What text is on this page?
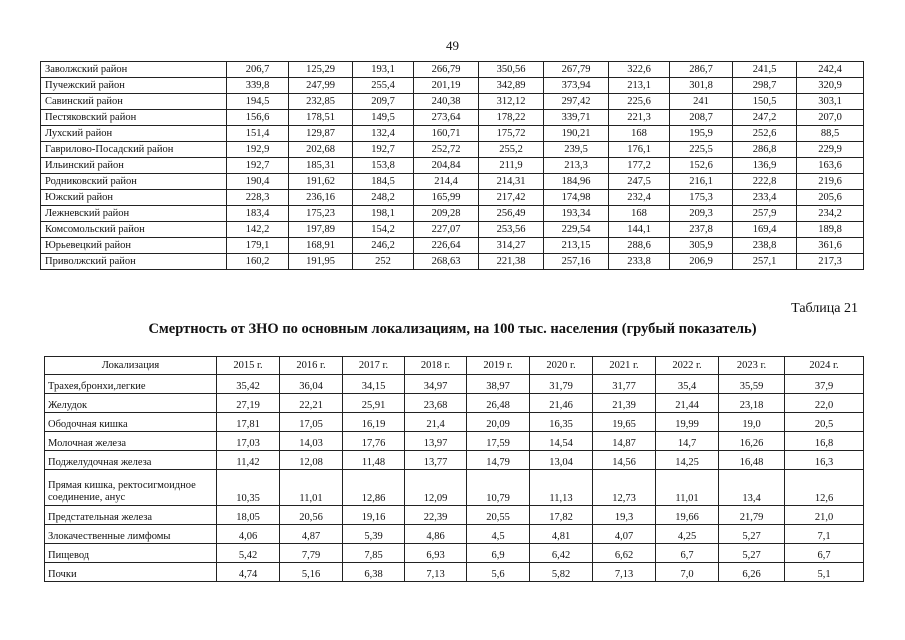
49
Заволжский район	206,7	125,29	193,1	266,79	350,56	267,79	322,6	286,7	241,5	242,4
Пучежский район	339,8	247,99	255,4	201,19	342,89	373,94	213,1	301,8	298,7	320,9
Савинский район	194,5	232,85	209,7	240,38	312,12	297,42	225,6	241	150,5	303,1
Пестяковский район	156,6	178,51	149,5	273,64	178,22	339,71	221,3	208,7	247,2	207,0
Лухский район	151,4	129,87	132,4	160,71	175,72	190,21	168	195,9	252,6	88,5
Гаврилово-Посадский район	192,9	202,68	192,7	252,72	255,2	239,5	176,1	225,5	286,8	229,9
Ильинский район	192,7	185,31	153,8	204,84	211,9	213,3	177,2	152,6	136,9	163,6
Родниковский район	190,4	191,62	184,5	214,4	214,31	184,96	247,5	216,1	222,8	219,6
Южский район	228,3	236,16	248,2	165,99	217,42	174,98	232,4	175,3	233,4	205,6
Лежневский район	183,4	175,23	198,1	209,28	256,49	193,34	168	209,3	257,9	234,2
Комсомольский район	142,2	197,89	154,2	227,07	253,56	229,54	144,1	237,8	169,4	189,8
Юрьевецкий район	179,1	168,91	246,2	226,64	314,27	213,15	288,6	305,9	238,8	361,6
Приволжский район	160,2	191,95	252	268,63	221,38	257,16	233,8	206,9	257,1	217,3
Таблица 21
Смертность от ЗНО по основным локализациям, на 100 тыс. населения (грубый показатель)
Локализация	2015 г.	2016 г.	2017 г.	2018 г.	2019 г.	2020 г.	2021 г.	2022 г.	2023 г.	2024 г.
Трахея,бронхи,легкие	35,42	36,04	34,15	34,97	38,97	31,79	31,77	35,4	35,59	37,9
Желудок	27,19	22,21	25,91	23,68	26,48	21,46	21,39	21,44	23,18	22,0
Ободочная кишка	17,81	17,05	16,19	21,4	20,09	16,35	19,65	19,99	19,0	20,5
Молочная железа	17,03	14,03	17,76	13,97	17,59	14,54	14,87	14,7	16,26	16,8
Поджелудочная железа	11,42	12,08	11,48	13,77	14,79	13,04	14,56	14,25	16,48	16,3
Прямая кишка, ректосигмоидное соединение, анус	10,35	11,01	12,86	12,09	10,79	11,13	12,73	11,01	13,4	12,6
Предстательная железа	18,05	20,56	19,16	22,39	20,55	17,82	19,3	19,66	21,79	21,0
Злокачественные лимфомы	4,06	4,87	5,39	4,86	4,5	4,81	4,07	4,25	5,27	7,1
Пищевод	5,42	7,79	7,85	6,93	6,9	6,42	6,62	6,7	5,27	6,7
Почки	4,74	5,16	6,38	7,13	5,6	5,82	7,13	7,0	6,26	5,1
